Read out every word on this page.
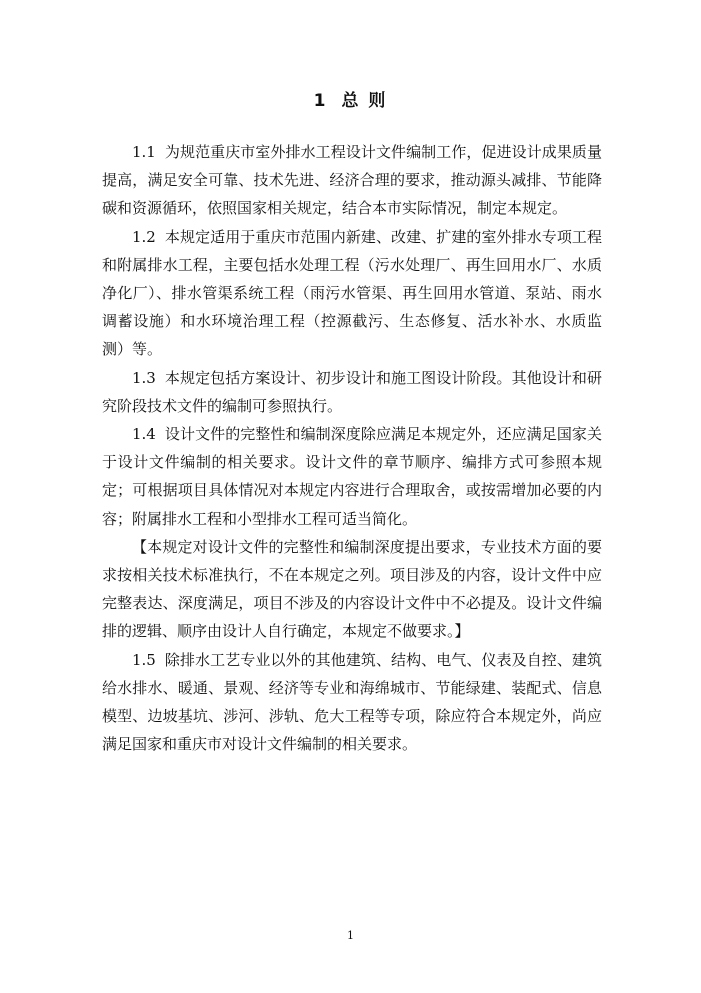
1 总 则

1.1 为规范重庆市室外排水工程设计文件编制工作，促进设计成果质量提高，满足安全可靠、技术先进、经济合理的要求，推动源头减排、节能降碳和资源循环，依照国家相关规定，结合本市实际情况，制定本规定。

1.2 本规定适用于重庆市范围内新建、改建、扩建的室外排水专项工程和附属排水工程，主要包括水处理工程（污水处理厂、再生回用水厂、水质净化厂）、排水管渠系统工程（雨污水管渠、再生回用水管道、泵站、雨水调蓄设施）和水环境治理工程（控源截污、生态修复、活水补水、水质监测）等。

1.3 本规定包括方案设计、初步设计和施工图设计阶段。其他设计和研究阶段技术文件的编制可参照执行。

1.4 设计文件的完整性和编制深度除应满足本规定外，还应满足国家关于设计文件编制的相关要求。设计文件的章节顺序、编排方式可参照本规定；可根据项目具体情况对本规定内容进行合理取舍，或按需增加必要的内容；附属排水工程和小型排水工程可适当简化。

【本规定对设计文件的完整性和编制深度提出要求，专业技术方面的要求按相关技术标准执行，不在本规定之列。项目涉及的内容，设计文件中应完整表达、深度满足，项目不涉及的内容设计文件中不必提及。设计文件编排的逻辑、顺序由设计人自行确定，本规定不做要求。】

1.5 除排水工艺专业以外的其他建筑、结构、电气、仪表及自控、建筑给水排水、暖通、景观、经济等专业和海绵城市、节能绿建、装配式、信息模型、边坡基坑、涉河、涉轨、危大工程等专项，除应符合本规定外，尚应满足国家和重庆市对设计文件编制的相关要求。

1
